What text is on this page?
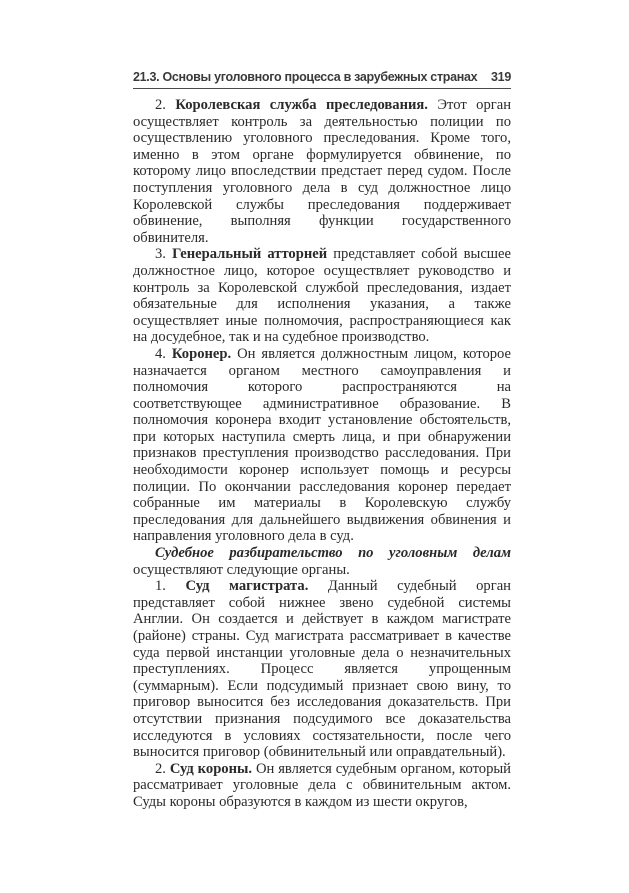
21.3. Основы уголовного процесса в зарубежных странах 319

2. Королевская служба преследования. Этот орган осуществляет контроль за деятельностью полиции по осуществлению уголовного преследования. Кроме того, именно в этом органе формулируется обвинение, по которому лицо впоследствии предстает перед судом. После поступления уголовного дела в суд должностное лицо Королевской службы преследования поддерживает обвинение, выполняя функции государственного обвинителя.

3. Генеральный атторней представляет собой высшее должностное лицо, которое осуществляет руководство и контроль за Королевской службой преследования, издает обязательные для исполнения указания, а также осуществляет иные полномочия, распространяющиеся как на досудебное, так и на судебное производство.

4. Коронер. Он является должностным лицом, которое назначается органом местного самоуправления и полномочия которого распространяются на соответствующее административное образование. В полномочия коронера входит установление обстоятельств, при которых наступила смерть лица, и при обнаружении признаков преступления производство расследования. При необходимости коронер использует помощь и ресурсы полиции. По окончании расследования коронер передает собранные им материалы в Королевскую службу преследования для дальнейшего выдвижения обвинения и направления уголовного дела в суд.

Судебное разбирательство по уголовным делам осуществляют следующие органы.

1. Суд магистрата. Данный судебный орган представляет собой нижнее звено судебной системы Англии. Он создается и действует в каждом магистрате (районе) страны. Суд магистрата рассматривает в качестве суда первой инстанции уголовные дела о незначительных преступлениях. Процесс является упрощенным (суммарным). Если подсудимый признает свою вину, то приговор выносится без исследования доказательств. При отсутствии признания подсудимого все доказательства исследуются в условиях состязательности, после чего выносится приговор (обвинительный или оправдательный).

2. Суд короны. Он является судебным органом, который рассматривает уголовные дела с обвинительным актом. Суды короны образуются в каждом из шести округов,
